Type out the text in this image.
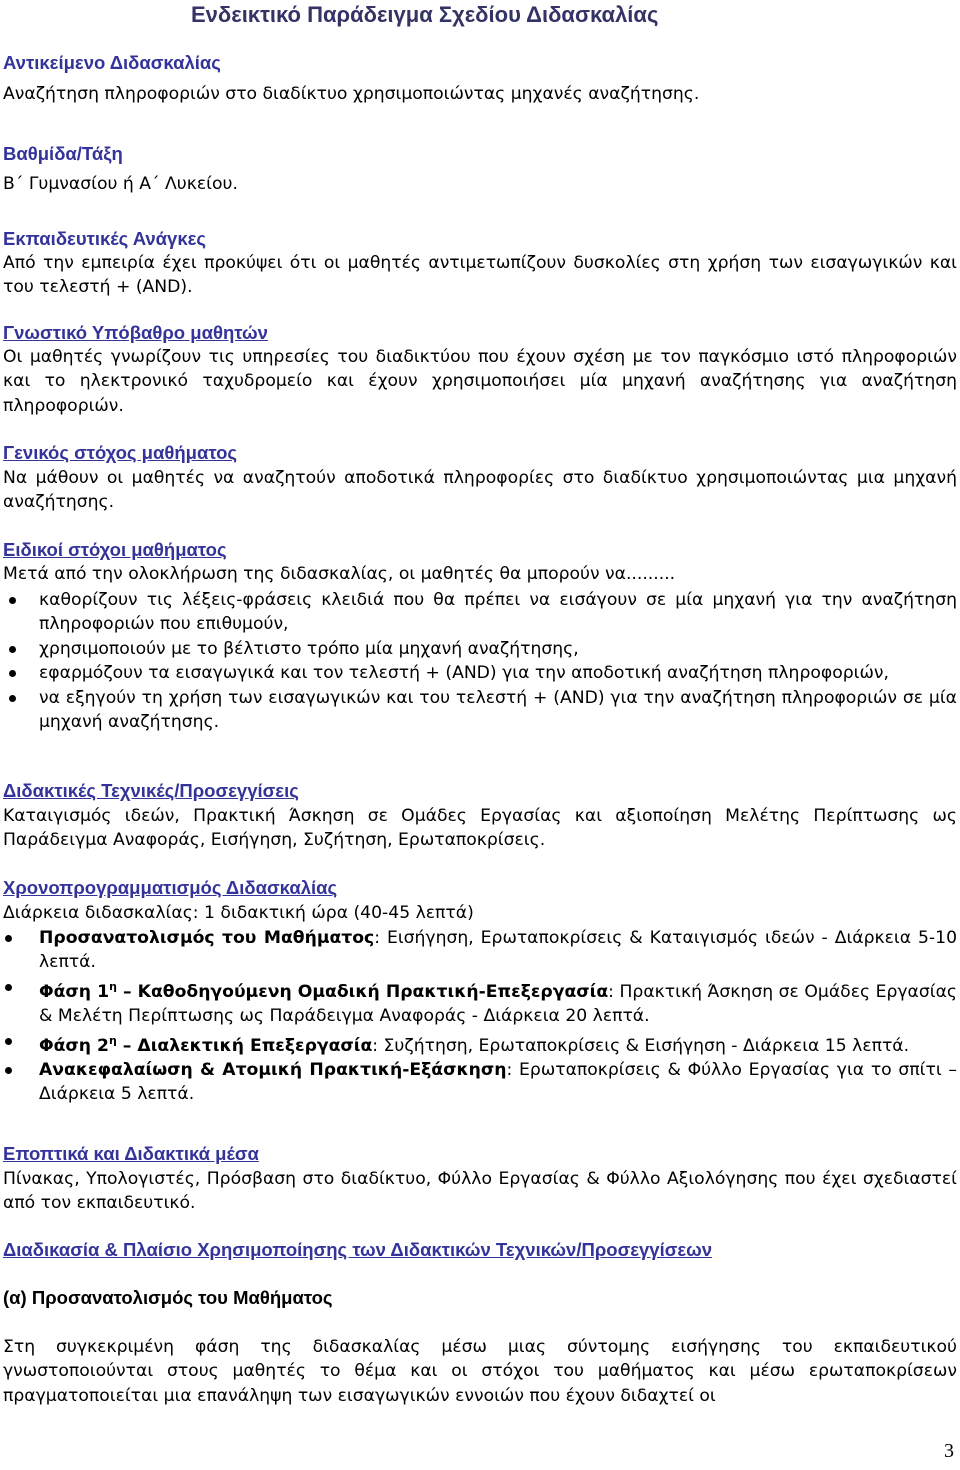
Ενδεικτικό Παράδειγμα Σχεδίου Διδασκαλίας
Αντικείμενο Διδασκαλίας
Αναζήτηση πληροφοριών στο διαδίκτυο χρησιμοποιώντας μηχανές αναζήτησης.
Βαθμίδα/Τάξη
Β΄ Γυμνασίου ή Α΄ Λυκείου.
Εκπαιδευτικές Ανάγκες
Από την εμπειρία έχει προκύψει ότι οι μαθητές αντιμετωπίζουν δυσκολίες στη χρήση των εισαγωγικών και του τελεστή + (AND).
Γνωστικό Υπόβαθρο μαθητών
Οι μαθητές γνωρίζουν τις υπηρεσίες του διαδικτύου που έχουν σχέση με τον παγκόσμιο ιστό πληροφοριών και το ηλεκτρονικό ταχυδρομείο και έχουν χρησιμοποιήσει μία μηχανή αναζήτησης για αναζήτηση πληροφοριών.
Γενικός στόχος μαθήματος
Να μάθουν οι μαθητές να αναζητούν αποδοτικά πληροφορίες στο διαδίκτυο χρησιμοποιώντας μια μηχανή αναζήτησης.
Ειδικοί στόχοι μαθήματος
Μετά από την ολοκλήρωση της διδασκαλίας, οι μαθητές θα μπορούν να.........
καθορίζουν τις λέξεις-φράσεις κλειδιά που θα πρέπει να εισάγουν σε μία μηχανή για την αναζήτηση πληροφοριών που επιθυμούν,
χρησιμοποιούν με το βέλτιστο τρόπο μία μηχανή αναζήτησης,
εφαρμόζουν τα εισαγωγικά και τον τελεστή + (AND) για την αποδοτική αναζήτηση πληροφοριών,
να εξηγούν τη χρήση των εισαγωγικών και του τελεστή + (AND) για την αναζήτηση πληροφοριών σε μία μηχανή αναζήτησης.
Διδακτικές Τεχνικές/Προσεγγίσεις
Καταιγισμός ιδεών, Πρακτική Άσκηση σε Ομάδες Εργασίας και αξιοποίηση Μελέτης Περίπτωσης ως Παράδειγμα Αναφοράς, Εισήγηση, Συζήτηση, Ερωταποκρίσεις.
Χρονοπρογραμματισμός Διδασκαλίας
Διάρκεια διδασκαλίας: 1 διδακτική ώρα (40-45 λεπτά)
Προσανατολισμός του Μαθήματος: Εισήγηση, Ερωταποκρίσεις & Καταιγισμός ιδεών - Διάρκεια 5-10 λεπτά.
Φάση $1^\eta$ – Καθοδηγούμενη Ομαδική Πρακτική-Επεξεργασία: Πρακτική Άσκηση σε Ομάδες Εργασίας & Μελέτη Περίπτωσης ως Παράδειγμα Αναφοράς - Διάρκεια 20 λεπτά.
Φάση $2^\eta$ – Διαλεκτική Επεξεργασία: Συζήτηση, Ερωταποκρίσεις & Εισήγηση - Διάρκεια 15 λεπτά.
Ανακεφαλαίωση & Ατομική Πρακτική-Εξάσκηση: Ερωταποκρίσεις & Φύλλο Εργασίας για το σπίτι – Διάρκεια 5 λεπτά.
Εποπτικά και Διδακτικά μέσα
Πίνακας, Υπολογιστές, Πρόσβαση στο διαδίκτυο, Φύλλο Εργασίας & Φύλλο Αξιολόγησης που έχει σχεδιαστεί από τον εκπαιδευτικό.
Διαδικασία & Πλαίσιο Χρησιμοποίησης των Διδακτικών Τεχνικών/Προσεγγίσεων
(α) Προσανατολισμός του Μαθήματος
Στη συγκεκριμένη φάση της διδασκαλίας μέσω μιας σύντομης εισήγησης του εκπαιδευτικού γνωστοποιούνται στους μαθητές το θέμα και οι στόχοι του μαθήματος και μέσω ερωταποκρίσεων πραγματοποιείται μια επανάληψη των εισαγωγικών εννοιών που έχουν διδαχτεί οι
3
